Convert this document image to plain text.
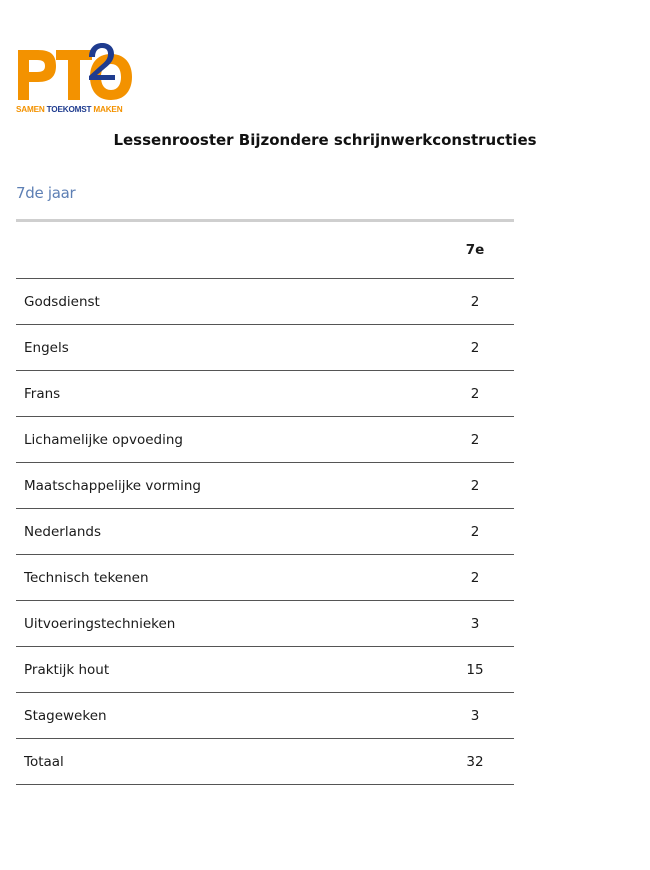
SAMEN TOEKOMST MAKEN
Lessenrooster Bijzondere schrijnwerkconstructies
7de jaar
7e
Godsdienst	2
Engels	2
Frans	2
Lichamelijke opvoeding	2
Maatschappelijke vorming	2
Nederlands	2
Technisch tekenen	2
Uitvoeringstechnieken	3
Praktijk hout	15
Stageweken	3
Totaal	32
